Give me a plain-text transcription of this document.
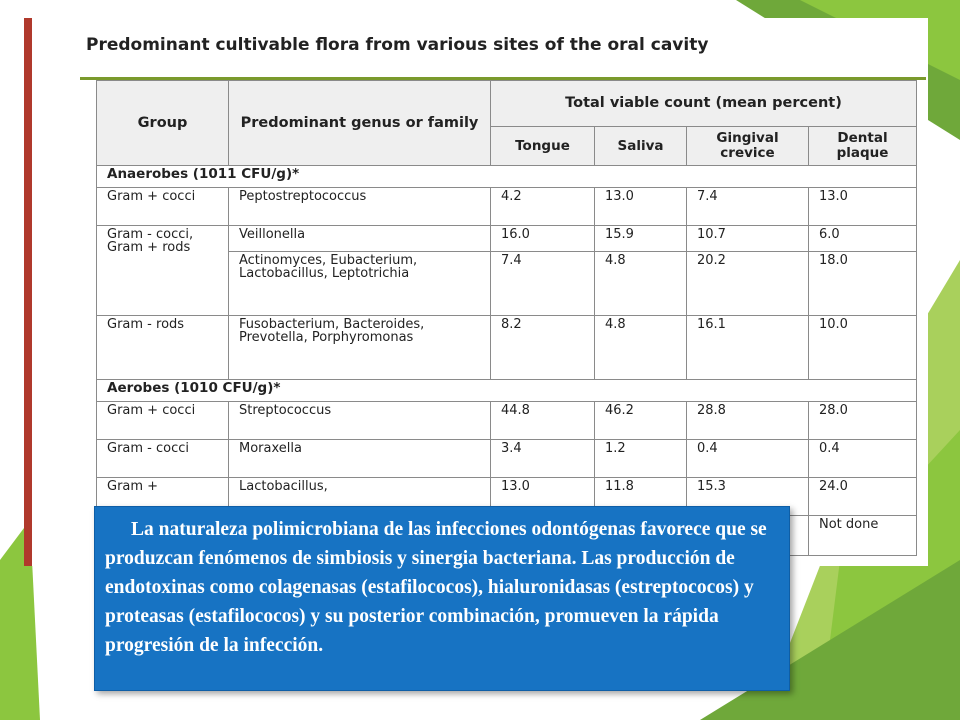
Predominant cultivable flora from various sites of the oral cavity
Group	Predominant genus or family	Total viable count (mean percent)			
		Tongue	Saliva	Gingival crevice	Dental plaque
Anaerobes (1011 CFU/g)*					
Gram + cocci	Peptostreptococcus	4.2	13.0	7.4	13.0
Gram - cocci, Gram + rods	Veillonella	16.0	15.9	10.7	6.0
	Actinomyces, Eubacterium, Lactobacillus, Leptotrichia	7.4	4.8	20.2	18.0
Gram - rods	Fusobacterium, Bacteroides, Prevotella, Porphyromonas	8.2	4.8	16.1	10.0
Aerobes (1010 CFU/g)*					
Gram + cocci	Streptococcus	44.8	46.2	28.8	28.0
Gram - cocci	Moraxella	3.4	1.2	0.4	0.4
Gram +	Lactobacillus,	13.0	11.8	15.3	24.0
					Not done

La naturaleza polimicrobiana de las infecciones odontógenas favorece que se produzcan fenómenos de simbiosis y sinergia bacteriana. Las producción de endotoxinas como colagenasas (estafilococos), hialuronidasas (estreptococos) y proteasas (estafilococos) y su posterior combinación, promueven la rápida progresión de la infección.
